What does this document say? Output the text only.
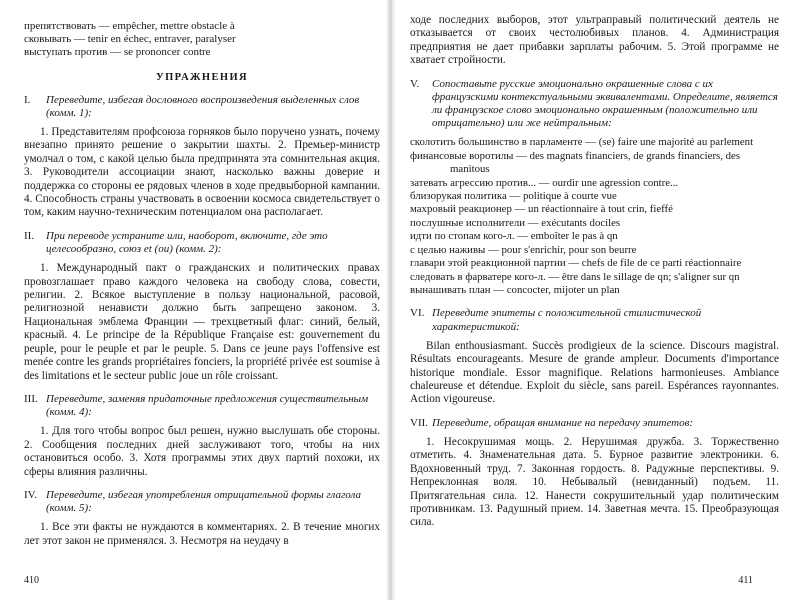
препятствовать — empêcher, mettre obstacle à
сковывать — tenir en échec, entraver, paralyser
выступать против — se prononcer contre
УПРАЖНЕНИЯ
I. Переведите, избегая дословного воспроизведения выделенных слов (комм. 1):

1. Представителям профсоюза горняков было поручено узнать, почему внезапно принято решение о закрытии шахты. 2. Премьер-министр умолчал о том, с какой целью была предпринята эта сомнительная акция. 3. Руководители ассоциации знают, насколько важны доверие и поддержка со стороны ее рядовых членов в ходе предвыборной кампании. 4. Способность страны участвовать в освоении космоса свидетельствует о том, каким научно-техническим потенциалом она располагает.

II. При переводе устраните или, наоборот, включите, где это целесообразно, союз et (ou) (комм. 2):

1. Международный пакт о гражданских и политических правах провозглашает право каждого человека на свободу слова, совести, религии. 2. Всякое выступление в пользу национальной, расовой, религиозной ненависти должно быть запрещено законом. 3. Национальная эмблема Франции — трехцветный флаг: синий, белый, красный. 4. Le principe de la République Française est: gouvernement du peuple, pour le peuple et par le peuple. 5. Dans ce jeune pays l'offensive est menée contre les grands propriétaires fonciers, la propriété privée est soumise à des limitations et le secteur public joue un rôle croissant.

III. Переведите, заменяя придаточные предложения существительным (комм. 4):

1. Для того чтобы вопрос был решен, нужно выслушать обе стороны. 2. Сообщения последних дней заслуживают того, чтобы на них остановиться особо. 3. Хотя программы этих двух партий похожи, их сферы влияния различны.

IV. Переведите, избегая употребления отрицательной формы глагола (комм. 5):

1. Все эти факты не нуждаются в комментариях. 2. В течение многих лет этот закон не применялся. 3. Несмотря на неудачу в

410

ходе последних выборов, этот ультраправый политический деятель не отказывается от своих честолюбивых планов. 4. Администрация предприятия не дает прибавки зарплаты рабочим. 5. Этой программе не хватает стройности.

V. Сопоставьте русские эмоционально окрашенные слова с их французскими контекстуальными эквивалентами. Определите, является ли французское слово эмоционально окрашенным (положительно или отрицательно) или же нейтральным:
сколотить большинство в парламенте — (se) faire une majorité au parlement
финансовые воротилы — des magnats financiers, de grands financiers, des manitous
затевать агрессию против... — ourdir une agression contre...
близорукая политика — politique à courte vue
махровый реакционер — un réactionnaire à tout crin, fieffé
послушные исполнители — exécutants dociles
идти по стопам кого-л. — emboîter le pas à qn
с целью наживы — pour s'enrichir, pour son beurre
главари этой реакционной партии — chefs de file de ce parti réactionnaire
следовать в фарватере кого-л. — être dans le sillage de qn; s'aligner sur qn
вынашивать план — concocter, mijoter un plan
VI. Переведите эпитеты с положительной стилистической характеристикой:

Bilan enthousiasmant. Succès prodigieux de la science. Discours magistral. Résultats encourageants. Mesure de grande ampleur. Documents d'importance historique mondiale. Essor magnifique. Relations harmonieuses. Ambiance chaleureuse et détendue. Exploit du siècle, sans pareil. Espérances rayonnantes. Action vigoureuse.

VII. Переведите, обращая внимание на передачу эпитетов:

1. Несокрушимая мощь. 2. Нерушимая дружба. 3. Торжественно отметить. 4. Знаменательная дата. 5. Бурное развитие электроники. 6. Вдохновенный труд. 7. Законная гордость. 8. Радужные перспективы. 9. Непреклонная воля. 10. Небывалый (невиданный) подъем. 11. Притягательная сила. 12. Нанести сокрушительный удар политическим противникам. 13. Радушный прием. 14. Заветная мечта. 15. Преобразующая сила.

411
